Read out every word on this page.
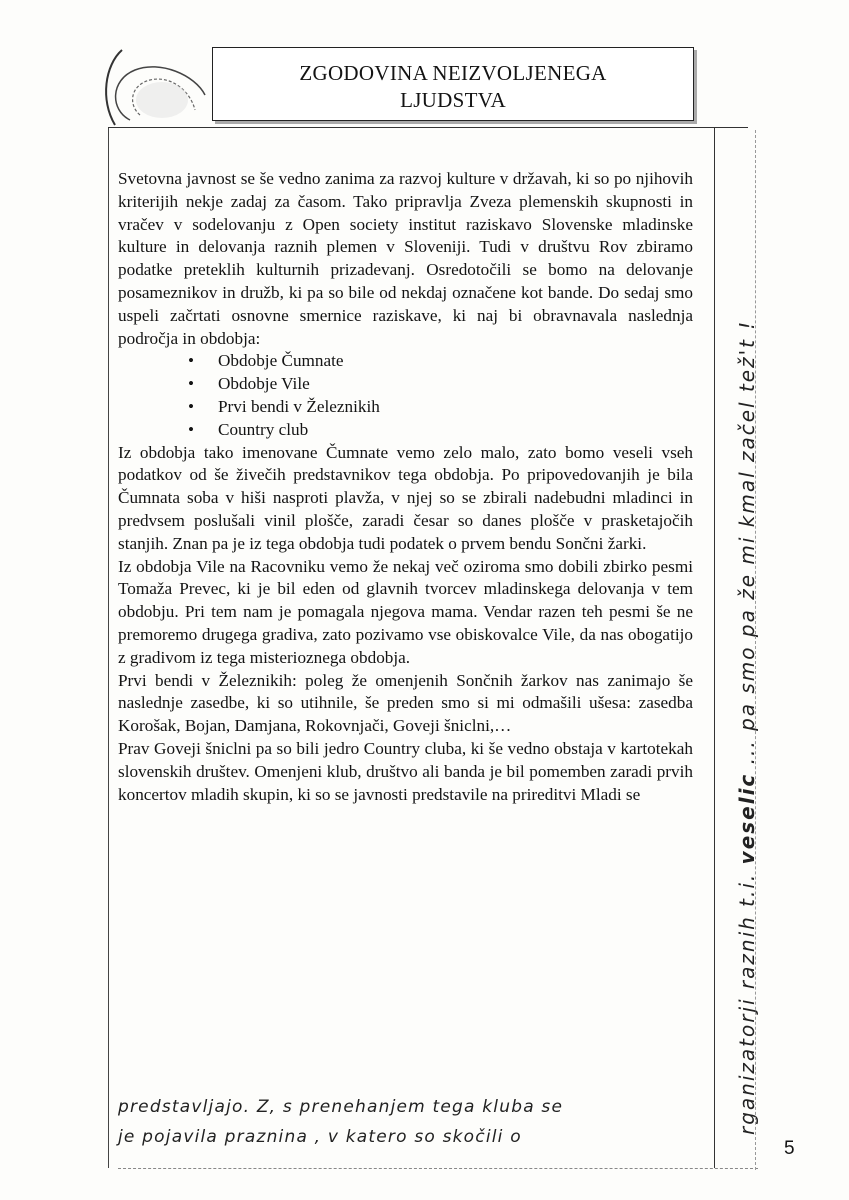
ZGODOVINA NEIZVOLJENEGA
LJUDSTVA

Svetovna javnost se še vedno zanima za razvoj kulture v državah, ki so po njihovih kriterijih nekje zadaj za časom. Tako pripravlja Zveza plemenskih skupnosti in vračev v sodelovanju z Open society institut raziskavo Slovenske mladinske kulture in delovanja raznih plemen v Sloveniji. Tudi v društvu Rov zbiramo podatke preteklih kulturnih prizadevanj. Osredotočili se bomo na delovanje posameznikov in družb, ki pa so bile od nekdaj označene kot bande. Do sedaj smo uspeli začrtati osnovne smernice raziskave, ki naj bi obravnavala naslednja področja in obdobja:

• Obdobje Čumnate
• Obdobje Vile
• Prvi bendi v Železnikih
• Country club

Iz obdobja tako imenovane Čumnate vemo zelo malo, zato bomo veseli vseh podatkov od še živečih predstavnikov tega obdobja. Po pripovedovanjih je bila Čumnata soba v hiši nasproti plavža, v njej so se zbirali nadebudni mladinci in predvsem poslušali vinil plošče, zaradi česar so danes plošče v prasketajočih stanjih. Znan pa je iz tega obdobja tudi podatek o prvem bendu Sončni žarki.

Iz obdobja Vile na Racovniku vemo že nekaj več oziroma smo dobili zbirko pesmi Tomaža Prevec, ki je bil eden od glavnih tvorcev mladinskega delovanja v tem obdobju. Pri tem nam je pomagala njegova mama. Vendar razen teh pesmi še ne premoremo drugega gradiva, zato pozivamo vse obiskovalce Vile, da nas obogatijo z gradivom iz tega misterioznega obdobja.

Prvi bendi v Železnikih: poleg že omenjenih Sončnih žarkov nas zanimajo še naslednje zasedbe, ki so utihnile, še preden smo si mi odmašili ušesa: zasedba Korošak, Bojan, Damjana, Rokovnjači, Goveji šniclni,…

Prav Goveji šniclni pa so bili jedro Country cluba, ki še vedno obstaja v kartotekah slovenskih društev. Omenjeni klub, društvo ali banda je bil pomemben zaradi prvih koncertov mladih skupin, ki so se javnosti predstavile na prireditvi Mladi se

predstavljajo. Z, s prenehanjem tega kluba se
je pojavila praznina , v katero so skočili o
rganizatorji raznih t.i. veselic ... pa smo pa že mi kmal začel tež't !
5
